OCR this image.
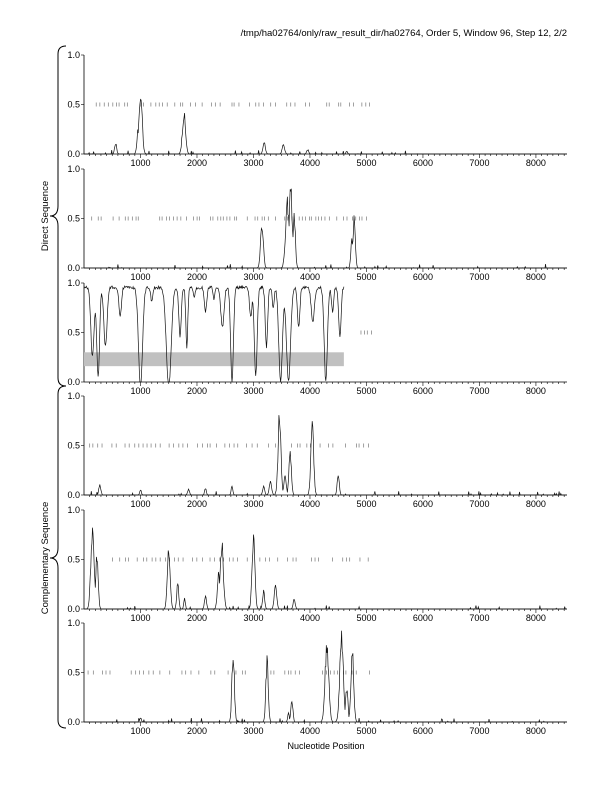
/tmp/ha02764/only/raw_result_dir/ha02764, Order 5, Window 96, Step 12, 2/2
Direct Sequence
Complementary Sequence
1000	2000	3000	4000	5000	6000	7000	8000
0.0
0.5
1.0
1000	2000	3000	4000	5000	6000	7000	8000
0.0
0.5
1.0
1000	2000	3000	4000	5000	6000	7000	8000
0.0
0.5
1.0
1000	2000	3000	4000	5000	6000	7000	8000
0.0
0.5
1.0
1000	2000	3000	4000	5000	6000	7000	8000
0.0
0.5
1.0
1000	2000	3000	4000	5000	6000	7000	8000
0.0
0.5
1.0
Nucleotide Position
